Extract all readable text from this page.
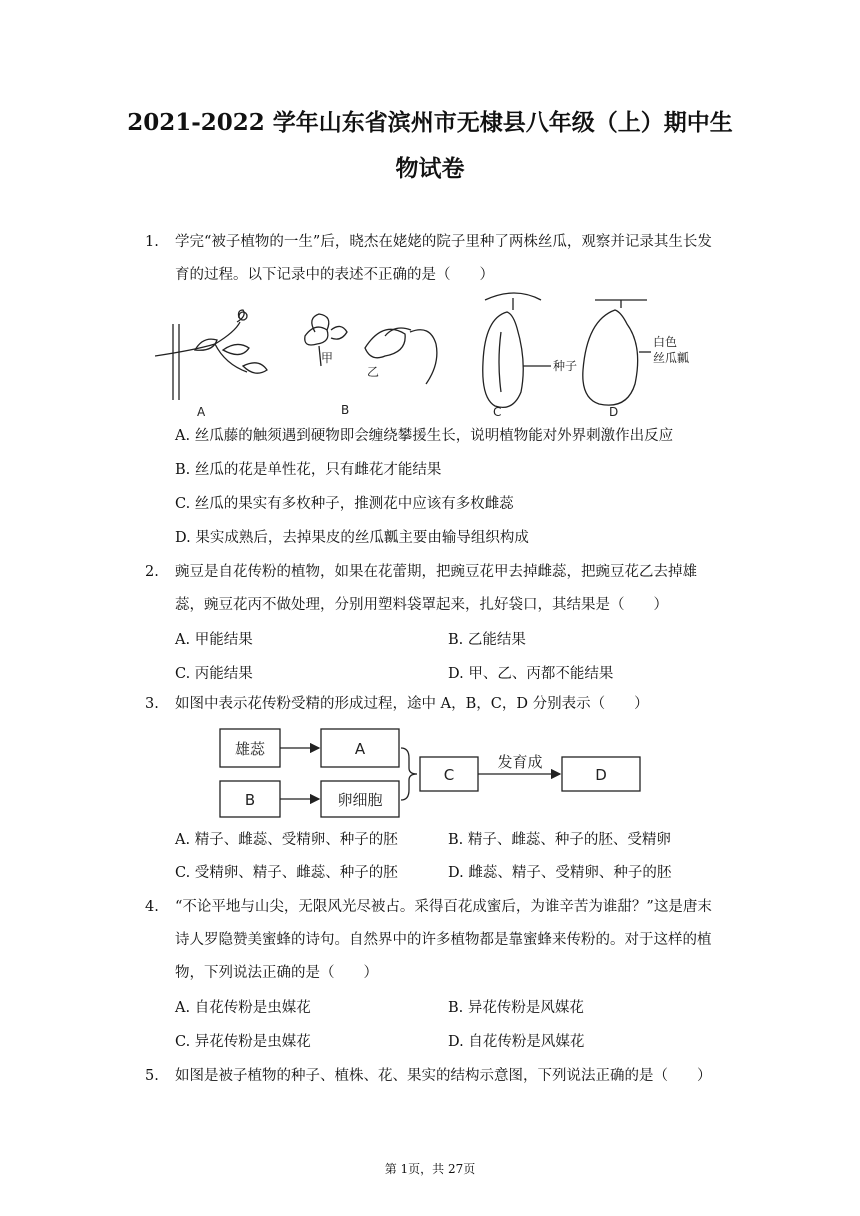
2021-2022 学年山东省滨州市无棣县八年级（上）期中生
物试卷
1. 学完“被子植物的一生”后，晓杰在姥姥的院子里种了两株丝瓜，观察并记录其生长发育的过程。以下记录中的表述不正确的是（　　）
A	B	C	D
甲
乙	种子
白色
丝瓜瓤
A. 丝瓜藤的触须遇到硬物即会缠绕攀援生长，说明植物能对外界刺激作出反应
B. 丝瓜的花是单性花，只有雌花才能结果
C. 丝瓜的果实有多枚种子，推测花中应该有多枚雌蕊
D. 果实成熟后，去掉果皮的丝瓜瓤主要由输导组织构成
2. 豌豆是自花传粉的植物，如果在花蕾期，把豌豆花甲去掉雌蕊，把豌豆花乙去掉雄蕊，豌豆花丙不做处理，分别用塑料袋罩起来，扎好袋口，其结果是（　　）
A. 甲能结果	B. 乙能结果
C. 丙能结果	D. 甲、乙、丙都不能结果
3. 如图中表示花传粉受精的形成过程，途中 A，B，C，D 分别表示（　　）
雄蕊	A
B	卵细胞
C	D
发育成
A. 精子、雌蕊、受精卵、种子的胚	B. 精子、雌蕊、种子的胚、受精卵
C. 受精卵、精子、雌蕊、种子的胚	D. 雌蕊、精子、受精卵、种子的胚
4. “不论平地与山尖，无限风光尽被占。采得百花成蜜后，为谁辛苦为谁甜？”这是唐末诗人罗隐赞美蜜蜂的诗句。自然界中的许多植物都是靠蜜蜂来传粉的。对于这样的植物，下列说法正确的是（　　）
A. 自花传粉是虫媒花	B. 异花传粉是风媒花
C. 异花传粉是虫媒花	D. 自花传粉是风媒花
5. 如图是被子植物的种子、植株、花、果实的结构示意图，下列说法正确的是（　　）
第 1页，共 27页
